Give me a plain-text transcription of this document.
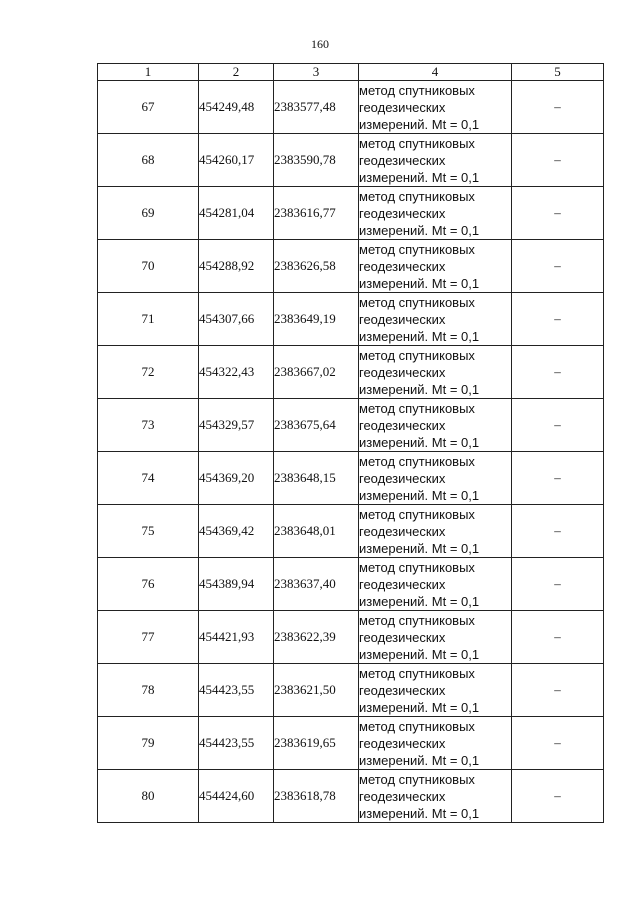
160
1	2	3	4	5
67	454249,48	2383577,48	метод спутниковых
геодезических
измерений. Mt = 0,1	–
68	454260,17	2383590,78	метод спутниковых
геодезических
измерений. Mt = 0,1	–
69	454281,04	2383616,77	метод спутниковых
геодезических
измерений. Mt = 0,1	–
70	454288,92	2383626,58	метод спутниковых
геодезических
измерений. Mt = 0,1	–
71	454307,66	2383649,19	метод спутниковых
геодезических
измерений. Mt = 0,1	–
72	454322,43	2383667,02	метод спутниковых
геодезических
измерений. Mt = 0,1	–
73	454329,57	2383675,64	метод спутниковых
геодезических
измерений. Mt = 0,1	–
74	454369,20	2383648,15	метод спутниковых
геодезических
измерений. Mt = 0,1	–
75	454369,42	2383648,01	метод спутниковых
геодезических
измерений. Mt = 0,1	–
76	454389,94	2383637,40	метод спутниковых
геодезических
измерений. Mt = 0,1	–
77	454421,93	2383622,39	метод спутниковых
геодезических
измерений. Mt = 0,1	–
78	454423,55	2383621,50	метод спутниковых
геодезических
измерений. Mt = 0,1	–
79	454423,55	2383619,65	метод спутниковых
геодезических
измерений. Mt = 0,1	–
80	454424,60	2383618,78	метод спутниковых
геодезических
измерений. Mt = 0,1	–
